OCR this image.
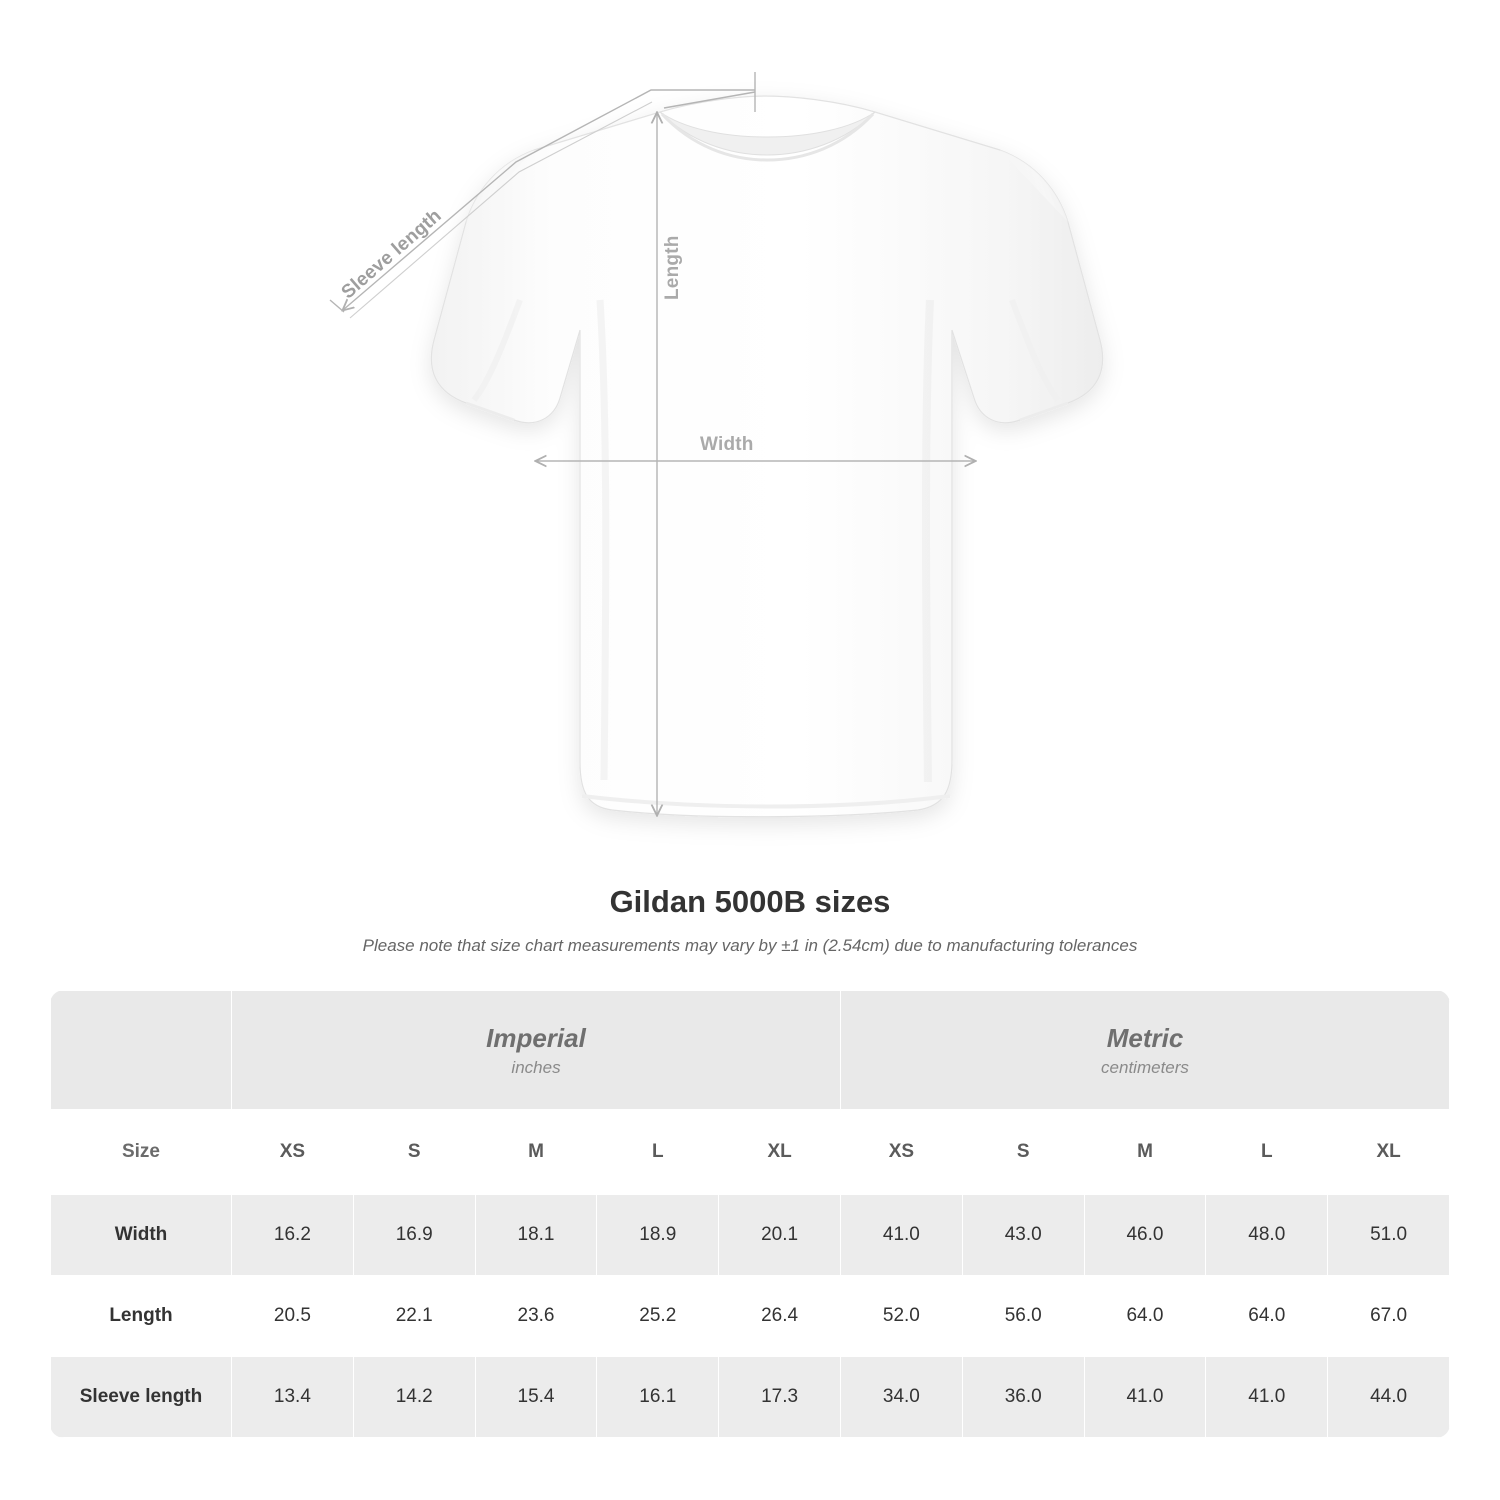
Width
Length
Sleeve length
Gildan 5000B sizes
Please note that size chart measurements may vary by ±1 in (2.54cm) due to manufacturing tolerances

Imperial
inches

Metric
centimeters

Size	XS	S	M	L	XL	XS	S	M	L	XL
Width	16.2	16.9	18.1	18.9	20.1	41.0	43.0	46.0	48.0	51.0
Length	20.5	22.1	23.6	25.2	26.4	52.0	56.0	64.0	64.0	67.0
Sleeve length	13.4	14.2	15.4	16.1	17.3	34.0	36.0	41.0	41.0	44.0
